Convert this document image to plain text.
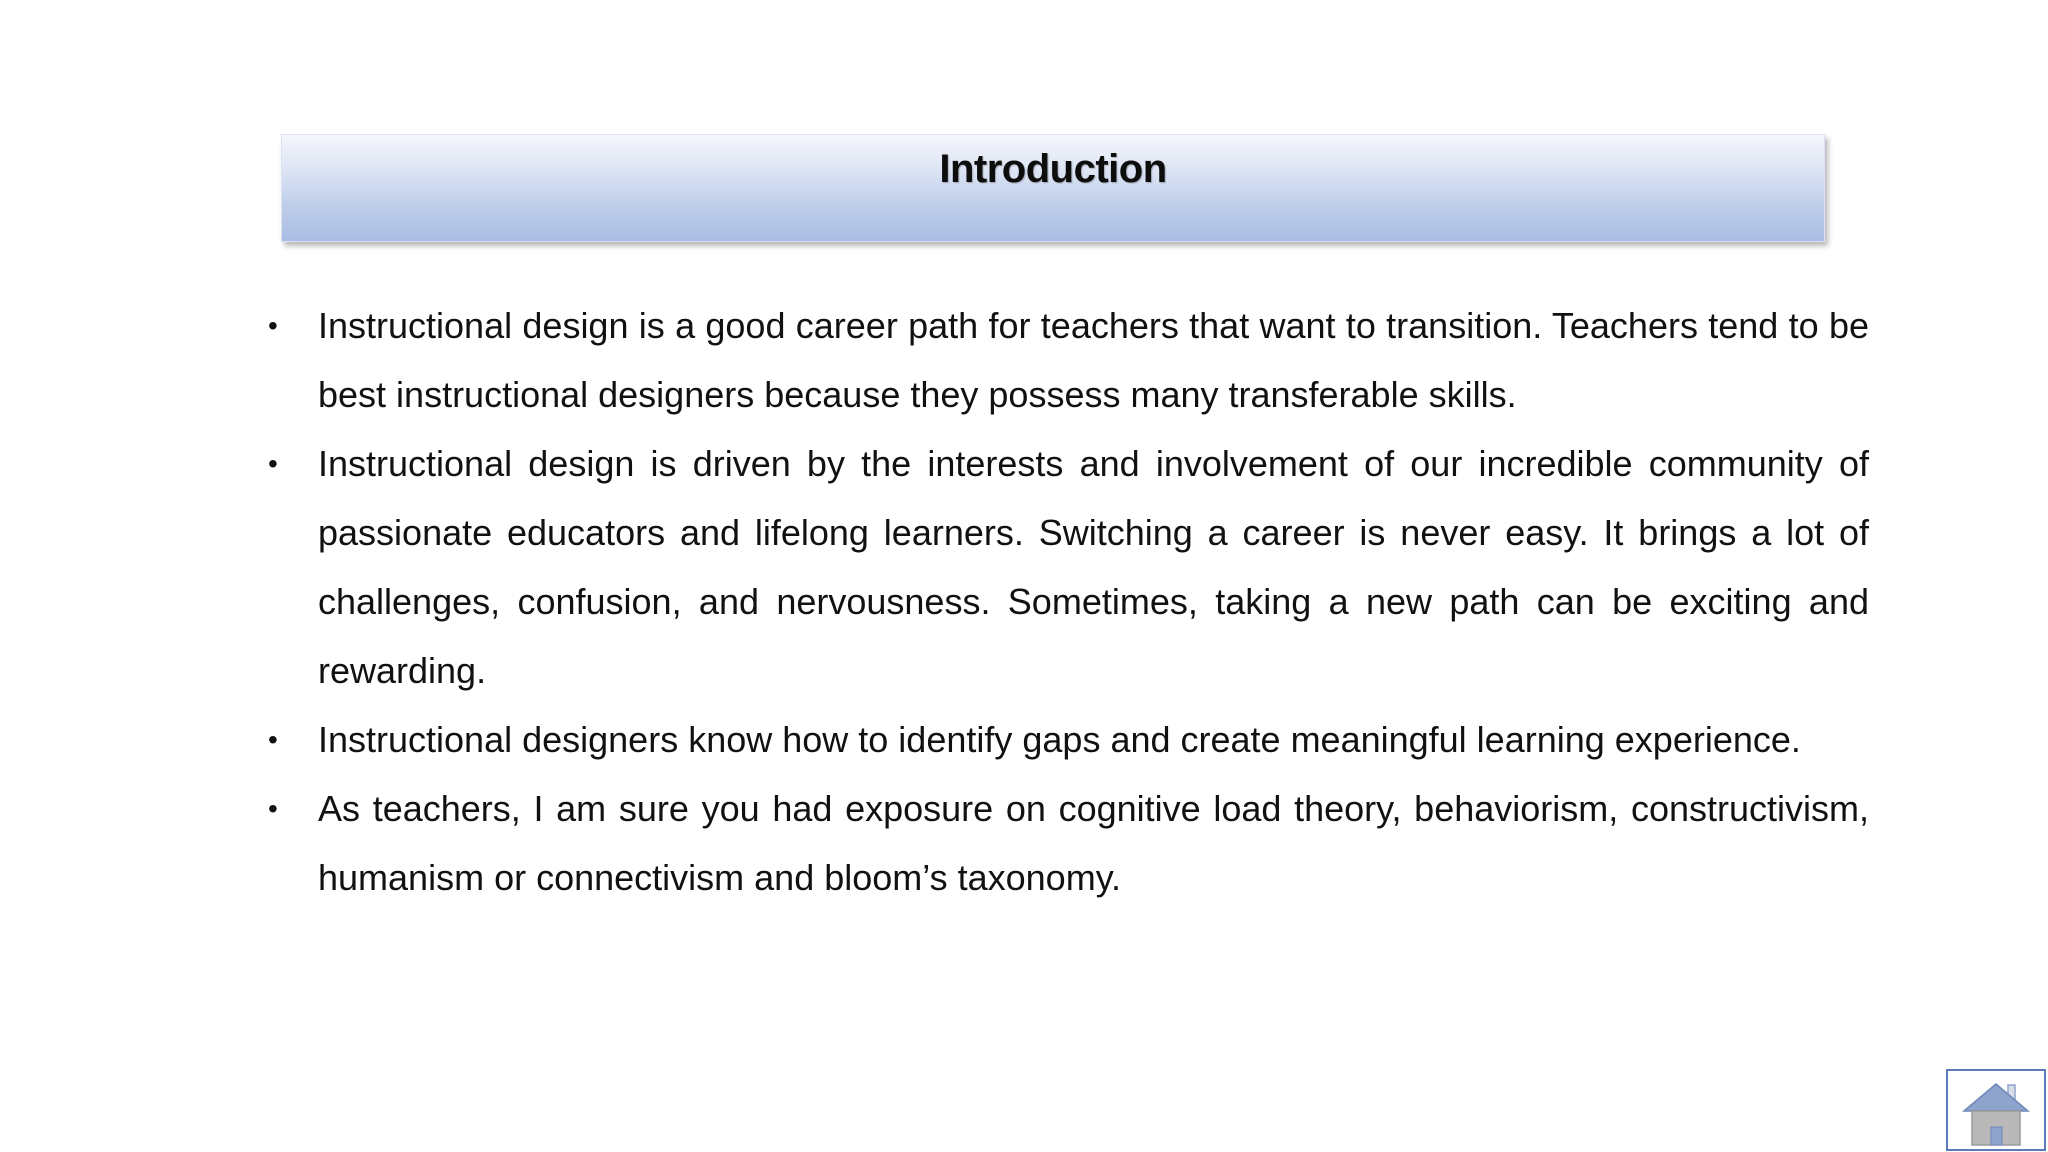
Introduction
• Instructional design is a good career path for teachers that want to transition. Teachers tend to be best instructional designers because they possess many transferable skills.
• Instructional design is driven by the interests and involvement of our incredible community of passionate educators and lifelong learners. Switching a career is never easy. It brings a lot of challenges, confusion, and nervousness. Sometimes, taking a new path can be exciting and rewarding.
• Instructional designers know how to identify gaps and create meaningful learning experience.
• As teachers, I am sure you had exposure on cognitive load theory, behaviorism, constructivism, humanism or connectivism and bloom’s taxonomy.
